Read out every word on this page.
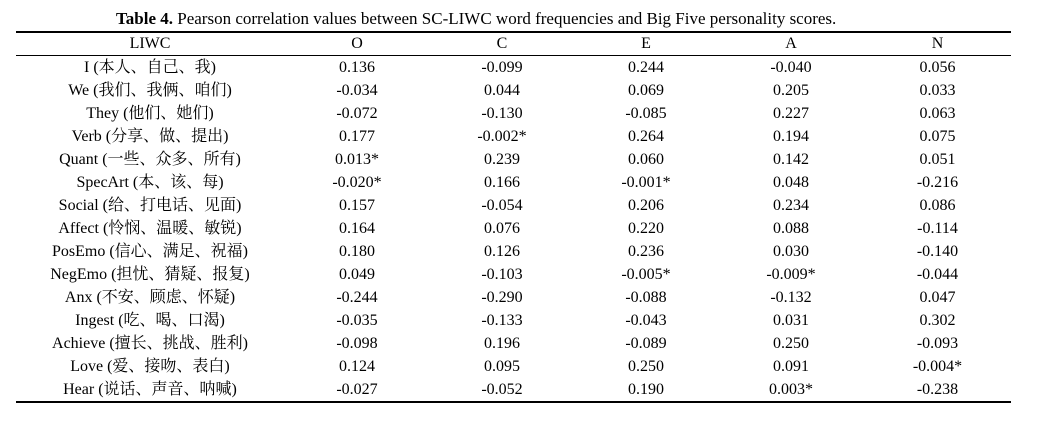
Table 4. Pearson correlation values between SC-LIWC word frequencies and Big Five personality scores.
LIWC	O	C	E	A	N
I (本人、自己、我)	0.136	-0.099	0.244	-0.040	0.056
We (我们、我俩、咱们)	-0.034	0.044	0.069	0.205	0.033
They (他们、她们)	-0.072	-0.130	-0.085	0.227	0.063
Verb (分享、做、提出)	0.177	-0.002*	0.264	0.194	0.075
Quant (一些、众多、所有)	0.013*	0.239	0.060	0.142	0.051
SpecArt (本、该、每)	-0.020*	0.166	-0.001*	0.048	-0.216
Social (给、打电话、见面)	0.157	-0.054	0.206	0.234	0.086
Affect (怜悯、温暖、敏锐)	0.164	0.076	0.220	0.088	-0.114
PosEmo (信心、满足、祝福)	0.180	0.126	0.236	0.030	-0.140
NegEmo (担忧、猜疑、报复)	0.049	-0.103	-0.005*	-0.009*	-0.044
Anx (不安、顾虑、怀疑)	-0.244	-0.290	-0.088	-0.132	0.047
Ingest (吃、喝、口渴)	-0.035	-0.133	-0.043	0.031	0.302
Achieve (擅长、挑战、胜利)	-0.098	0.196	-0.089	0.250	-0.093
Love (爱、接吻、表白)	0.124	0.095	0.250	0.091	-0.004*
Hear (说话、声音、呐喊)	-0.027	-0.052	0.190	0.003*	-0.238
